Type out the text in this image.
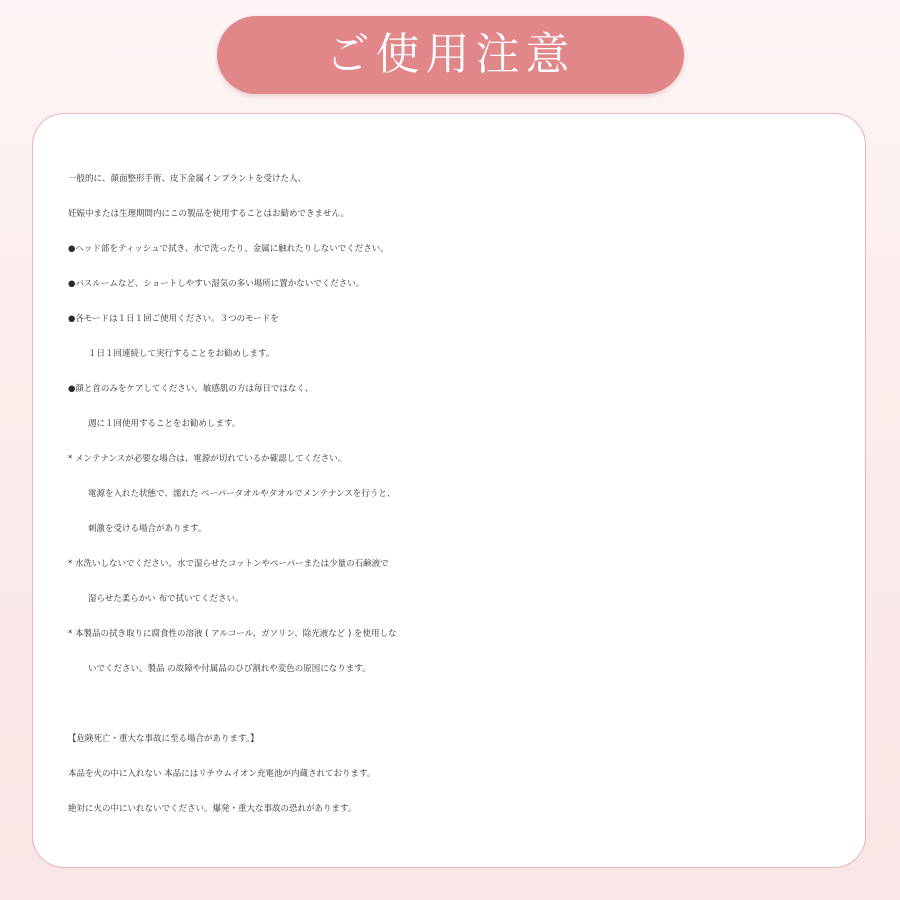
ご使用注意
一般的に、顔面整形手術、皮下金属インプラントを受けた人、
妊娠中または生理期間内にこの製品を使用することはお勧めできません。
●ヘッド部をティッシュで拭き、水で洗ったり、金属に触れたりしないでください。
●バスルームなど、ショートしやすい湿気の多い場所に置かないでください。
●各モードは１日１回ご使用ください。３つのモードを
１日１回連続して実行することをお勧めします。
●顔と首のみをケアしてください。敏感肌の方は毎日ではなく、
週に１回使用することをお勧めします。
* メンテナンスが必要な場合は、電源が切れているか確認してください。
電源を入れた状態で、濡れた ペーパータオルやタオルでメンテナンスを行うと、
刺激を受ける場合があります。
* 水洗いしないでください。水で湿らせたコットンやペーパーまたは少量の石鹸液で
湿らせた柔らかい 布で拭いてください。
* 本製品の拭き取りに腐食性の溶液 ( アルコール、ガソリン、除光液など ) を使用しな
いでください。製品 の故障や付属品のひび割れや変色の原因になります。
【危険死亡・重大な事故に至る場合があります。】
本品を火の中に入れない 本品にはリチウムイオン充電池が内蔵されております。
絶対に火の中にいれないでください。爆発・重大な事故の恐れがあります。
